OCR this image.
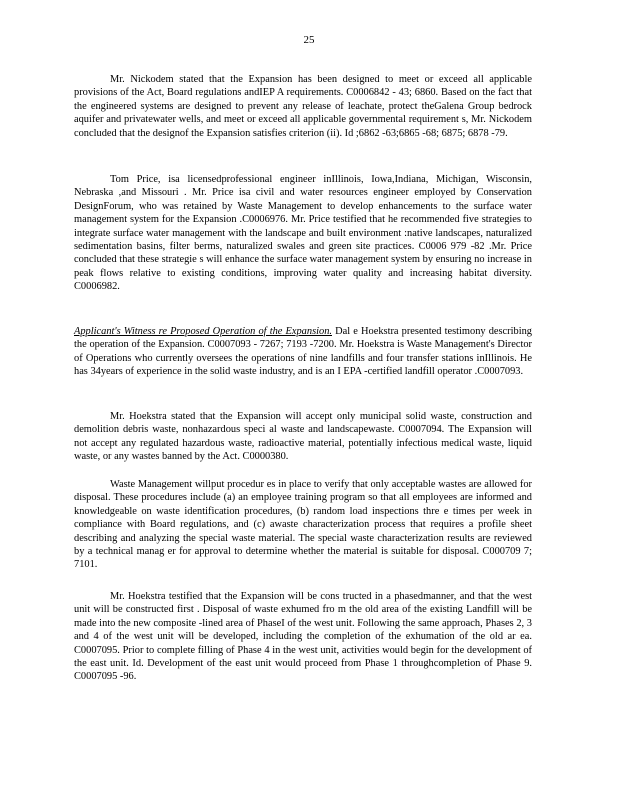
25

Mr. Nickodem stated that the Expansion has been designed to meet or exceed all applicable provisions of the Act, Board regulations andIEP A requirements. C0006842 - 43; 6860. Based on the fact that the engineered systems are designed to prevent any release of leachate, protect theGalena Group bedrock aquifer and privatewater wells, and meet or exceed all applicable governmental requirement s, Mr. Nickodem concluded that the designof the Expansion satisfies criterion (ii). Id ;6862 -63;6865 -68; 6875; 6878 -79.

Tom Price, isa licensedprofessional engineer inIllinois, Iowa,Indiana, Michigan, Wisconsin, Nebraska ,and Missouri . Mr. Price isa civil and water resources engineer employed by Conservation DesignForum, who was retained by Waste Management to develop enhancements to the surface water management system for the Expansion .C0006976. Mr. Price testified that he recommended five strategies to integrate surface water management with the landscape and built environment :native landscapes, naturalized sedimentation basins, filter berms, naturalized swales and green site practices. C0006 979 -82 .Mr. Price concluded that these strategie s will enhance the surface water management system by ensuring no increase in peak flows relative to existing conditions, improving water quality and increasing habitat diversity. C0006982.

Applicant's Witness re Proposed Operation of the Expansion. Dal e Hoekstra presented testimony describing the operation of the Expansion. C0007093 - 7267; 7193 -7200. Mr. Hoekstra is Waste Management's Director of Operations who currently oversees the operations of nine landfills and four transfer stations inIllinois. He has 34years of experience in the solid waste industry, and is an I EPA -certified landfill operator .C0007093.

Mr. Hoekstra stated that the Expansion will accept only municipal solid waste, construction and demolition debris waste, nonhazardous speci al waste and landscapewaste. C0007094. The Expansion will not accept any regulated hazardous waste, radioactive material, potentially infectious medical waste, liquid waste, or any wastes banned by the Act. C0000380.

Waste Management willput procedur es in place to verify that only acceptable wastes are allowed for disposal. These procedures include (a) an employee training program so that all employees are informed and knowledgeable on waste identification procedures, (b) random load inspections thre e times per week in compliance with Board regulations, and (c) awaste characterization process that requires a profile sheet describing and analyzing the special waste material. The special waste characterization results are reviewed by a technical manag er for approval to determine whether the material is suitable for disposal. C000709 7; 7101.

Mr. Hoekstra testified that the Expansion will be cons tructed in a phasedmanner, and that the west unit will be constructed first . Disposal of waste exhumed fro m the old area of the existing Landfill will be made into the new composite -lined area of PhaseI of the west unit. Following the same approach, Phases 2, 3 and 4 of the west unit will be developed, including the completion of the exhumation of the old ar ea. C0007095. Prior to complete filling of Phase 4 in the west unit, activities would begin for the development of the east unit. Id. Development of the east unit would proceed from Phase 1 throughcompletion of Phase 9. C0007095 -96.
